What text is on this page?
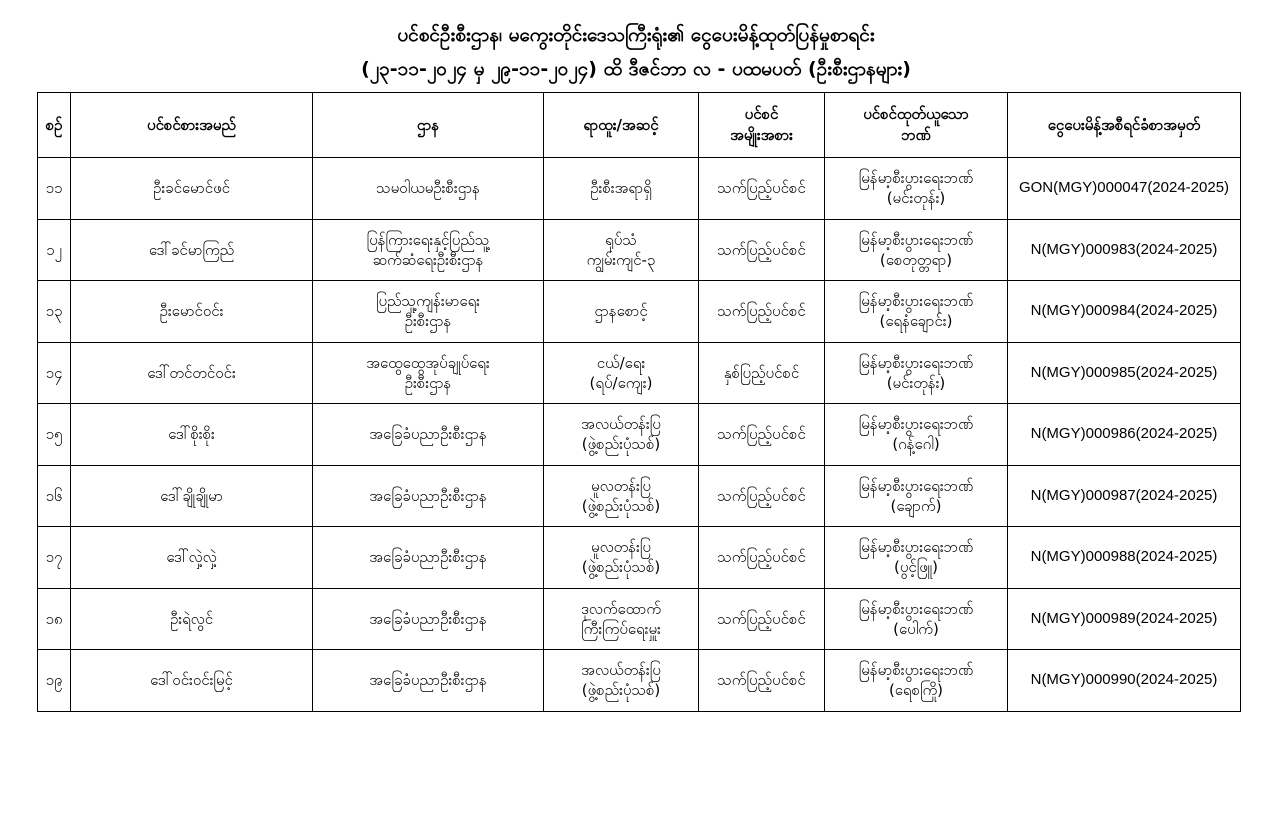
ပင်စင်ဦးစီးဌာန၊ မကွေးတိုင်းဒေသကြီးရုံး၏ ငွေပေးမိန့်ထုတ်ပြန်မှုစာရင်း
(၂၃-၁၁-၂၀၂၄ မှ ၂၉-၁၁-၂၀၂၄) ထိ ဒီဇင်ဘာ လ - ပထမပတ် (ဦးစီးဌာနများ)
စဉ်	ပင်စင်စားအမည်	ဌာန	ရာထူး/အဆင့်	ပင်စင်
အမျိုးအစား	ပင်စင်ထုတ်ယူသော
ဘဏ်	ငွေပေးမိန့်အစီရင်ခံစာအမှတ်

၁၁	ဦးခင်မောင်ဖင်	သမဝါယမဦးစီးဌာန	ဦးစီးအရာရှိ	သက်ပြည့်ပင်စင်	မြန်မာ့စီးပွားရေးဘဏ်
(မင်းတုန်း)	GON(MGY)000047(2024-2025)

၁၂	ဒေါ်ခင်မာကြည်	ပြန်ကြားရေးနှင့်ပြည်သူ့
ဆက်ဆံရေးဦးစီးဌာန	ရုပ်သံ
ကျွမ်းကျင်-၃	သက်ပြည့်ပင်စင်	မြန်မာ့စီးပွားရေးဘဏ်
(စေတုတ္တရာ)	N(MGY)000983(2024-2025)

၁၃	ဦးမောင်ဝင်း	ပြည်သူ့ကျန်းမာရေး
ဦးစီးဌာန	ဌာနစောင့်	သက်ပြည့်ပင်စင်	မြန်မာ့စီးပွားရေးဘဏ်
(ရေနံချောင်း)	N(MGY)000984(2024-2025)

၁၄	ဒေါ်တင်တင်ဝင်း	အထွေထွေအုပ်ချုပ်ရေး
ဦးစီးဌာန	ငယ်/ရေး
(ရပ်/ကျေး)	နှစ်ပြည့်ပင်စင်	မြန်မာ့စီးပွားရေးဘဏ်
(မင်းတုန်း)	N(MGY)000985(2024-2025)

၁၅	ဒေါ်စိုးစိုး	အခြေခံပညာဦးစီးဌာန	အလယ်တန်းပြ
(ဖွဲ့စည်းပုံသစ်)	သက်ပြည့်ပင်စင်	မြန်မာ့စီးပွားရေးဘဏ်
(ဂန့်ဂေါ)	N(MGY)000986(2024-2025)

၁၆	ဒေါ်ချိုချိုမာ	အခြေခံပညာဦးစီးဌာန	မူလတန်းပြ
(ဖွဲ့စည်းပုံသစ်)	သက်ပြည့်ပင်စင်	မြန်မာ့စီးပွားရေးဘဏ်
(ချောက်)	N(MGY)000987(2024-2025)

၁၇	ဒေါ်လှဲ့လှဲ့	အခြေခံပညာဦးစီးဌာန	မူလတန်းပြ
(ဖွဲ့စည်းပုံသစ်)	သက်ပြည့်ပင်စင်	မြန်မာ့စီးပွားရေးဘဏ်
(ပွင့်ဖြူ)	N(MGY)000988(2024-2025)

၁၈	ဦးရဲလွင်	အခြေခံပညာဦးစီးဌာန	ဒုလက်ထောက်
ကြီးကြပ်ရေးမှူး	သက်ပြည့်ပင်စင်	မြန်မာ့စီးပွားရေးဘဏ်
(ပေါက်)	N(MGY)000989(2024-2025)

၁၉	ဒေါ်ဝင်းဝင်းမြင့်	အခြေခံပညာဦးစီးဌာန	အလယ်တန်းပြ
(ဖွဲ့စည်းပုံသစ်)	သက်ပြည့်ပင်စင်	မြန်မာ့စီးပွားရေးဘဏ်
(ရေစကြို)	N(MGY)000990(2024-2025)
